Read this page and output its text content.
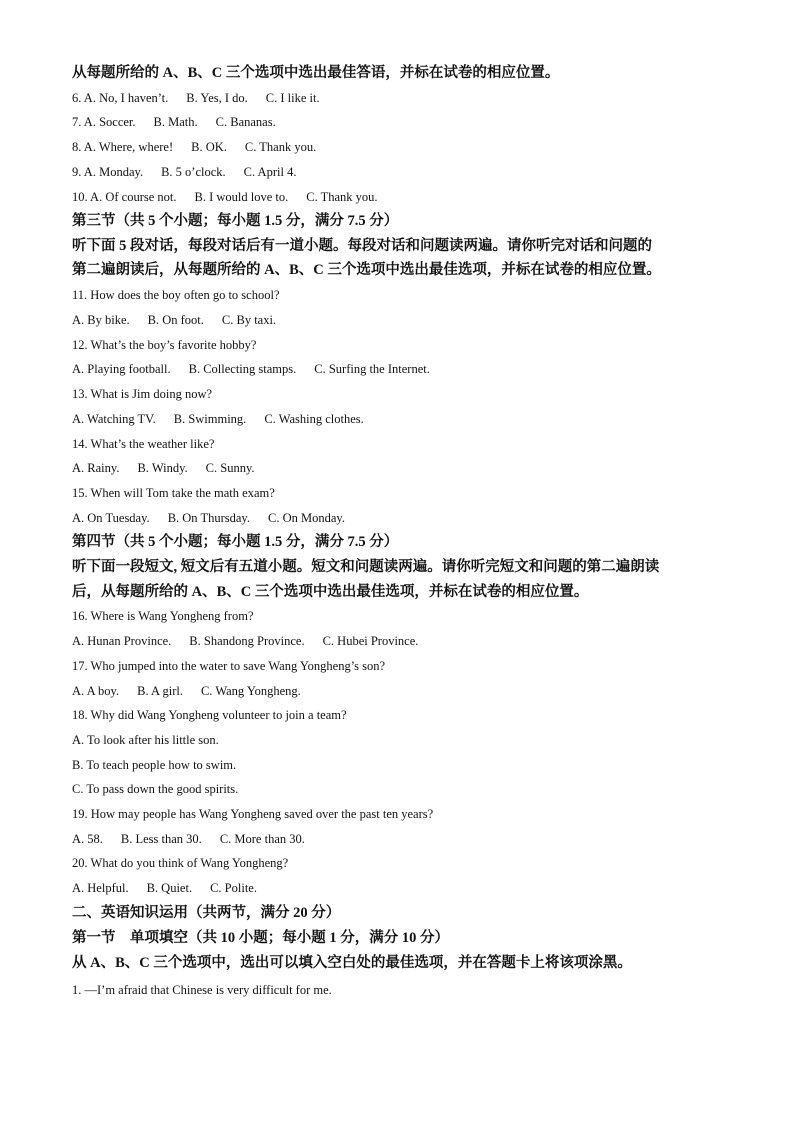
从每题所给的 A、B、C 三个选项中选出最佳答语，并标在试卷的相应位置。
6. A. No, I haven’t. B. Yes, I do. C. I like it.
7. A. Soccer. B. Math. C. Bananas.
8. A. Where, where! B. OK. C. Thank you.
9. A. Monday. B. 5 o’clock. C. April 4.
10. A. Of course not. B. I would love to. C. Thank you.
第三节（共 5 个小题；每小题 1.5 分，满分 7.5 分）
听下面 5 段对话，每段对话后有一道小题。每段对话和问题读两遍。请你听完对话和问题的
第二遍朗读后，从每题所给的 A、B、C 三个选项中选出最佳选项，并标在试卷的相应位置。
11. How does the boy often go to school?
A. By bike. B. On foot. C. By taxi.
12. What’s the boy’s favorite hobby?
A. Playing football. B. Collecting stamps. C. Surfing the Internet.
13. What is Jim doing now?
A. Watching TV. B. Swimming. C. Washing clothes.
14. What’s the weather like?
A. Rainy. B. Windy. C. Sunny.
15. When will Tom take the math exam?
A. On Tuesday. B. On Thursday. C. On Monday.
第四节（共 5 个小题；每小题 1.5 分，满分 7.5 分）
听下面一段短文, 短文后有五道小题。短文和问题读两遍。请你听完短文和问题的第二遍朗读
后，从每题所给的 A、B、C 三个选项中选出最佳选项，并标在试卷的相应位置。
16. Where is Wang Yongheng from?
A. Hunan Province. B. Shandong Province. C. Hubei Province.
17. Who jumped into the water to save Wang Yongheng’s son?
A. A boy. B. A girl. C. Wang Yongheng.
18. Why did Wang Yongheng volunteer to join a team?
A. To look after his little son.
B. To teach people how to swim.
C. To pass down the good spirits.
19. How may people has Wang Yongheng saved over the past ten years?
A. 58. B. Less than 30. C. More than 30.
20. What do you think of Wang Yongheng?
A. Helpful. B. Quiet. C. Polite.
二、英语知识运用（共两节，满分 20 分）
第一节　单项填空（共 10 小题；每小题 1 分，满分 10 分）
从 A、B、C 三个选项中，选出可以填入空白处的最佳选项，并在答题卡上将该项涂黑。
1. —I’m afraid that Chinese is very difficult for me.
